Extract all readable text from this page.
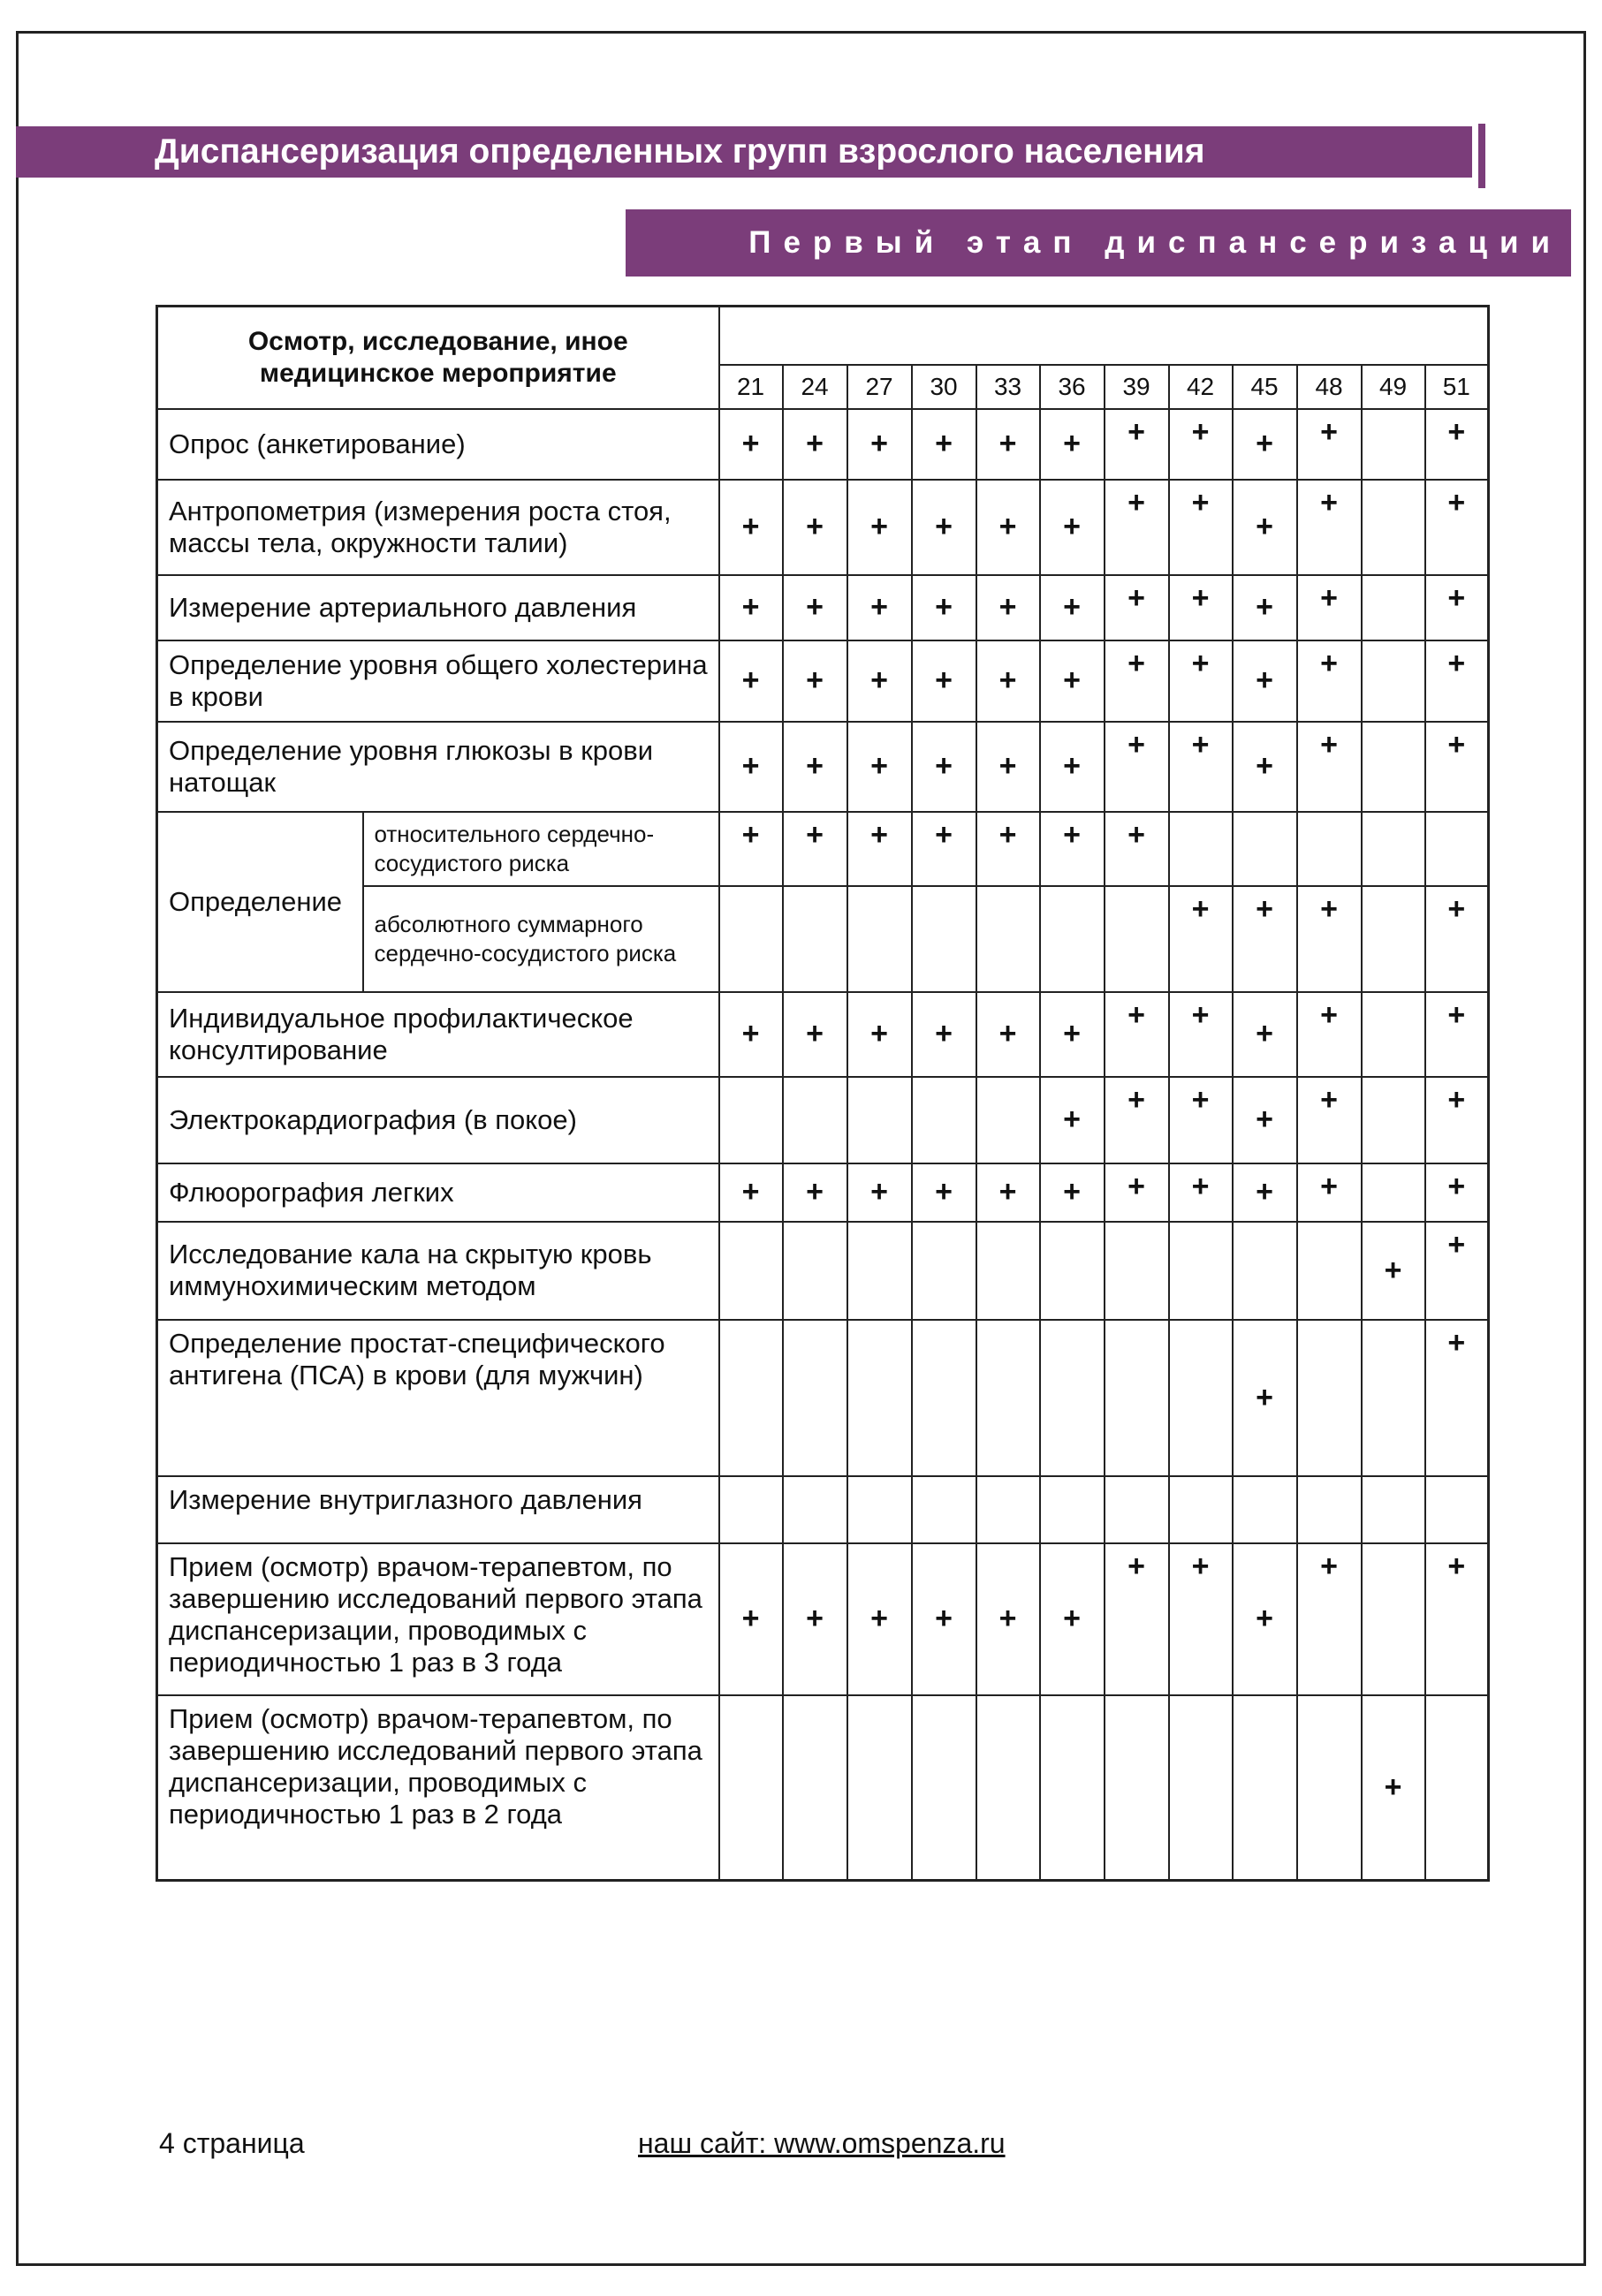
Диспансеризация определенных групп взрослого населения
Первый этап диспансеризации
Осмотр, исследование, иное медицинское мероприятие													
		21	24	27	30	33	36	39	42	45	48	49	51
Опрос (анкетирование)		+	+	+	+	+	+	+	+	+	+		+
Антропометрия (измерения роста стоя, массы тела, окружности талии)		+	+	+	+	+	+	+	+	+	+		+
Измерение артериального давления		+	+	+	+	+	+	+	+	+	+		+
Определение уровня общего холестерина в крови		+	+	+	+	+	+	+	+	+	+		+
Определение уровня глюкозы в крови натощак		+	+	+	+	+	+	+	+	+	+		+
Определение	относительного сердечно-сосудистого риска	+	+	+	+	+	+	+					
	абсолютного суммарного сердечно-сосудистого риска								+	+	+		+
Индивидуальное профилактическое консултирование		+	+	+	+	+	+	+	+	+	+		+
Электрокардиография (в покое)							+	+	+	+	+		+
Флюорография легких		+	+	+	+	+	+	+	+	+	+		+
Исследование кала на скрытую кровь иммунохимическим методом												+	+
Определение простат-специфического антигена (ПСА) в крови (для мужчин)										+			+
Измерение внутриглазного давления													
Прием (осмотр) врачом-терапевтом, по завершению исследований первого этапа диспансеризации, проводимых с периодичностью 1 раз в 3 года		+	+	+	+	+	+	+	+	+	+		+
Прием (осмотр) врачом-терапевтом, по завершению исследований первого этапа диспансеризации, проводимых с периодичностью 1 раз в 2 года												+	
4 страница	наш сайт: www.omspenza.ru
